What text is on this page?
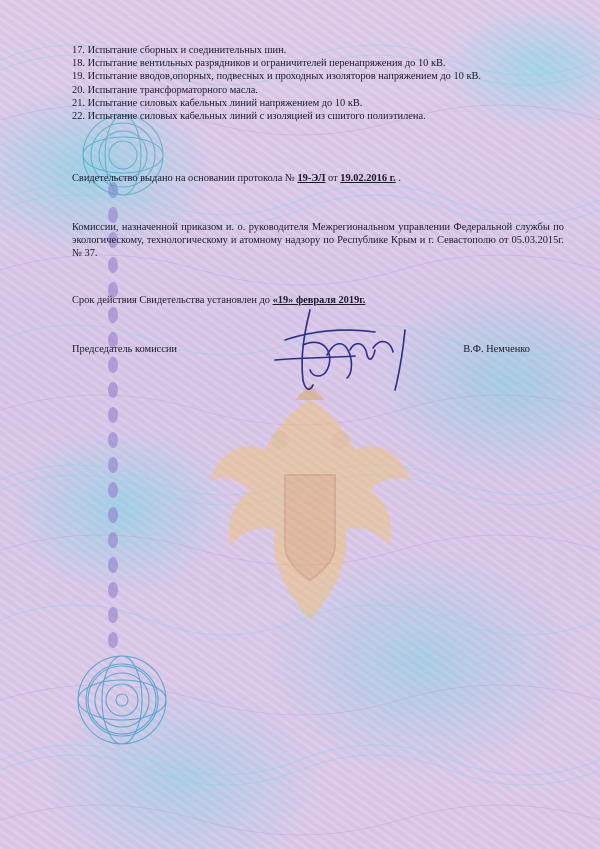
17. Испытание сборных и соединительных шин.
18. Испытание вентильных разрядников и ограничителей перенапряжения до 10 кВ.
19. Испытание вводов,опорных, подвесных и проходных изоляторов напряжением до 10 кВ.
20. Испытание трансформаторного масла.
21. Испытание силовых кабельных линий напряжением до 10 кВ.
22. Испытание силовых кабельных линий с изоляцией из сшитого полиэтилена.
Свидетельство выдано на основании протокола № 19-ЭЛ от 19.02.2016 г. .
Комиссии, назначенной приказом и. о. руководителя Межрегиональном управлении Федеральной службы по экологическому, технологическому и атомному надзору по Республике Крым и г. Севастополю от 05.03.2015г. № 37.
Срок действия Свидетельства установлен до «19» февраля 2019г.
Председатель комиссии	В.Ф. Немченко
